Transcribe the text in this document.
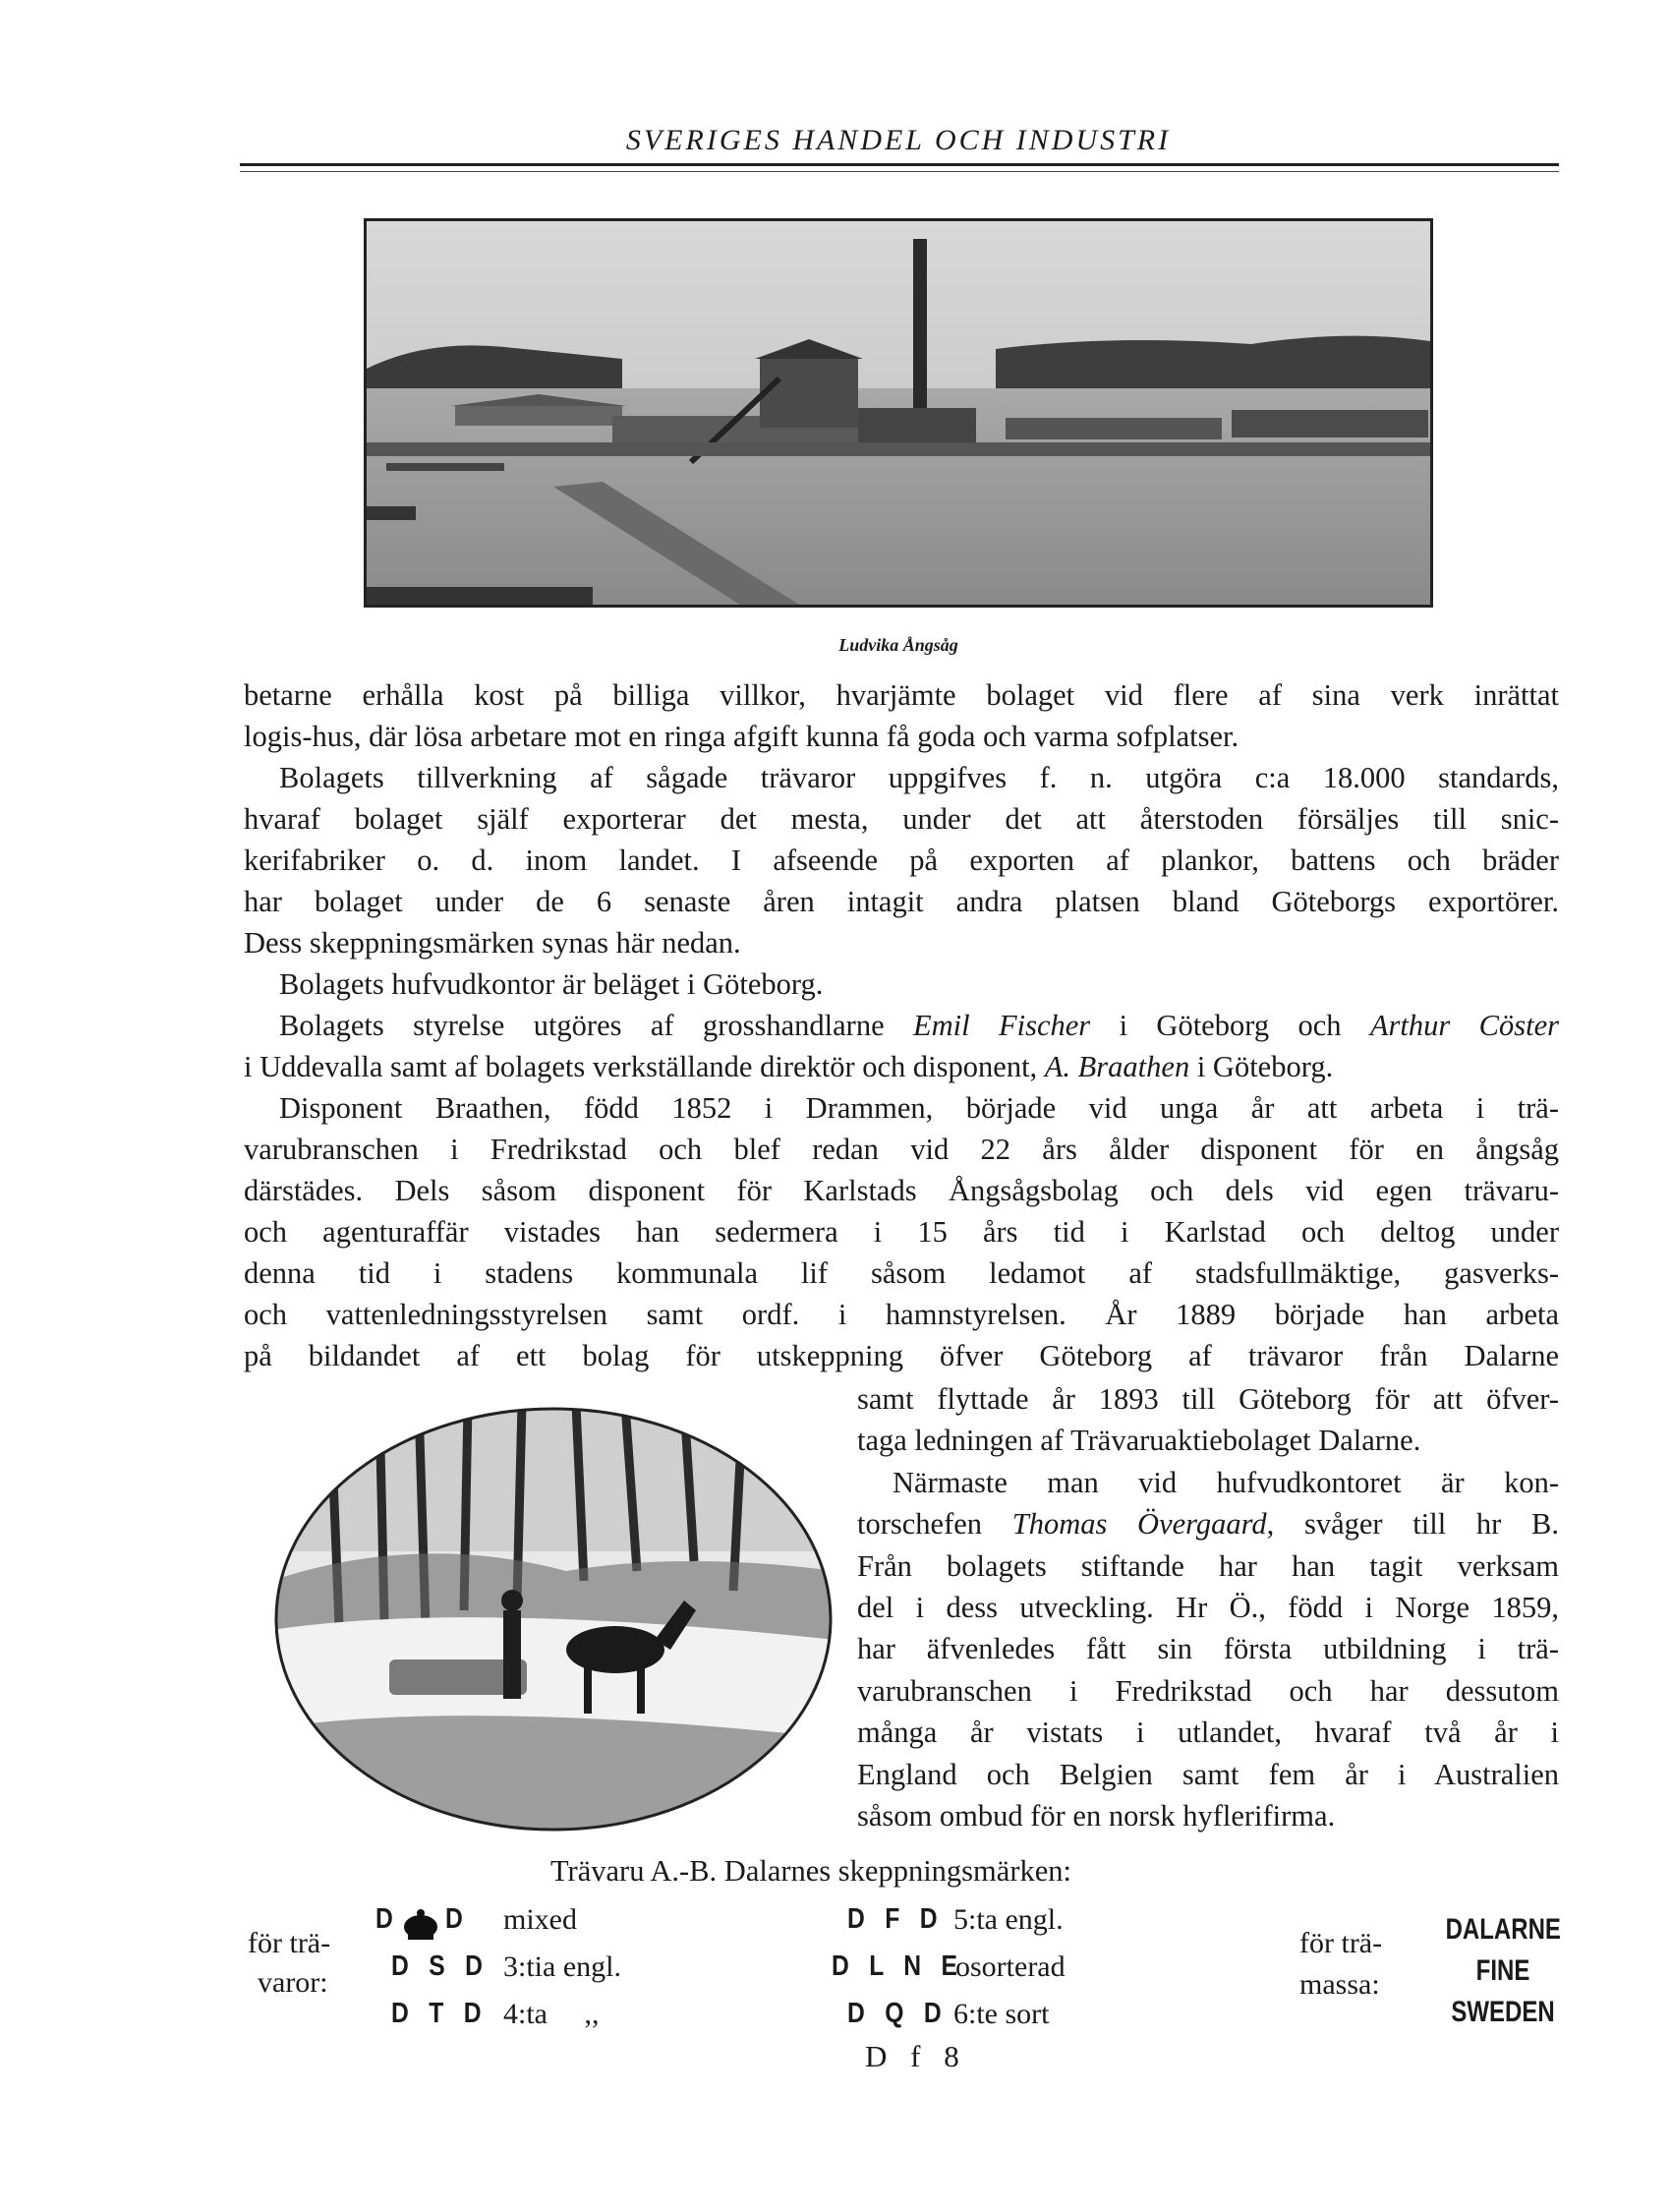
SVERIGES HANDEL OCH INDUSTRI
Ludvika Ångsåg

betarne erhålla kost på billiga villkor, hvarjämte bolaget vid flere af sina verk inrättat

logis-hus, där lösa arbetare mot en ringa afgift kunna få goda och varma sofplatser.

Bolagets tillverkning af sågade trävaror uppgifves f. n. utgöra c:a 18.000 standards,

hvaraf bolaget själf exporterar det mesta, under det att återstoden försäljes till snic-

kerifabriker o. d. inom landet. I afseende på exporten af plankor, battens och bräder

har bolaget under de 6 senaste åren intagit andra platsen bland Göteborgs exportörer.

Dess skeppningsmärken synas här nedan.

Bolagets hufvudkontor är beläget i Göteborg.

Bolagets styrelse utgöres af grosshandlarne Emil Fischer i Göteborg och Arthur Cöster

i Uddevalla samt af bolagets verkställande direktör och disponent, A. Braathen i Göteborg.

Disponent Braathen, född 1852 i Drammen, började vid unga år att arbeta i trä-

varubranschen i Fredrikstad och blef redan vid 22 års ålder disponent för en ångsåg

därstädes. Dels såsom disponent för Karlstads Ångsågsbolag och dels vid egen trävaru-

och agenturaffär vistades han sedermera i 15 års tid i Karlstad och deltog under

denna tid i stadens kommunala lif såsom ledamot af stadsfullmäktige, gasverks-

och vattenledningsstyrelsen samt ordf. i hamnstyrelsen. År 1889 började han arbeta

på bildandet af ett bolag för utskeppning öfver Göteborg af trävaror från Dalarne

samt flyttade år 1893 till Göteborg för att öfver-

taga ledningen af Trävaruaktiebolaget Dalarne.

Närmaste man vid hufvudkontoret är kon-

torschefen Thomas Övergaard, svåger till hr B.

Från bolagets stiftande har han tagit verksam

del i dess utveckling. Hr Ö., född i Norge 1859,

har äfvenledes fått sin första utbildning i trä-

varubranschen i Fredrikstad och har dessutom

många år vistats i utlandet, hvaraf två år i

England och Belgien samt fem år i Australien

såsom ombud för en norsk hyflerifirma.

Trävaru A.-B. Dalarnes skeppningsmärken:
för trä-
varor:
D D mixed
D S D 3:tia engl.
D T D 4:ta     ,,
D F D 5:ta engl.
D L N E
osorterad
D Q D 6:te sort
D f 8
för trä-
massa:
DALARNE
FINE
SWEDEN
